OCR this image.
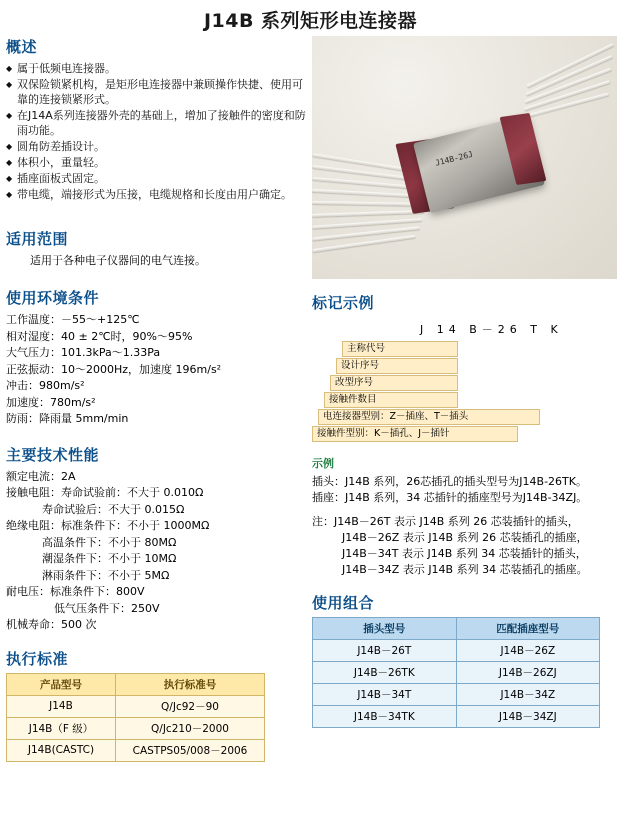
J14B 系列矩形电连接器
概述
◆ 属于低频电连接器。
◆ 双保险锁紧机构，是矩形电连接器中兼顾操作快捷、使用可靠的连接锁紧形式。
◆ 在J14A系列连接器外壳的基础上，增加了接触件的密度和防雨功能。
◆ 圆角防差插设计。
◆ 体积小，重量轻。
◆ 插座面板式固定。
◆ 带电缆，端接形式为压接，电缆规格和长度由用户确定。
适用范围

适用于各种电子仪器间的电气连接。

使用环境条件
工作温度：－55～+125℃
相对湿度：40 ± 2℃时，90%～95%
大气压力：101.3kPa～1.33Pa
正弦振动：10～2000Hz，加速度 196m/s²
冲击：980m/s²
加速度：780m/s²
防雨：降雨量 5mm/min
主要技术性能
额定电流：2A
接触电阻：寿命试验前：不大于 0.010Ω
寿命试验后：不大于 0.015Ω
绝缘电阻：标准条件下：不小于 1000MΩ
高温条件下：不小于 80MΩ
潮湿条件下：不小于 10MΩ
淋雨条件下：不小于 5MΩ
耐电压：标准条件下：800V
低气压条件下：250V
机械寿命：500 次
执行标准
产品型号	执行标准号
J14B	Q/Jc92－90
J14B（F 级）	Q/Jc210－2000
J14B(CASTC)	CASTPS05/008－2006
J14B-26J
标记示例
J 14 B－26 T K
主称代号
设计序号
改型序号
接触件数目
电连接器型别：Z－插座、T－插头
接触件型别：K－插孔、J－插针
示例
插头：J14B 系列，26芯插孔的插头型号为J14B-26TK。
插座：J14B 系列，34 芯插针的插座型号为J14B-34ZJ。
注：J14B－26T 表示 J14B 系列 26 芯装插针的插头，
J14B－26Z 表示 J14B 系列 26 芯装插孔的插座，
J14B－34T 表示 J14B 系列 34 芯装插针的插头，
J14B－34Z 表示 J14B 系列 34 芯装插孔的插座。
使用组合
插头型号	匹配插座型号
J14B－26T	J14B－26Z
J14B－26TK	J14B－26ZJ
J14B－34T	J14B－34Z
J14B－34TK	J14B－34ZJ
